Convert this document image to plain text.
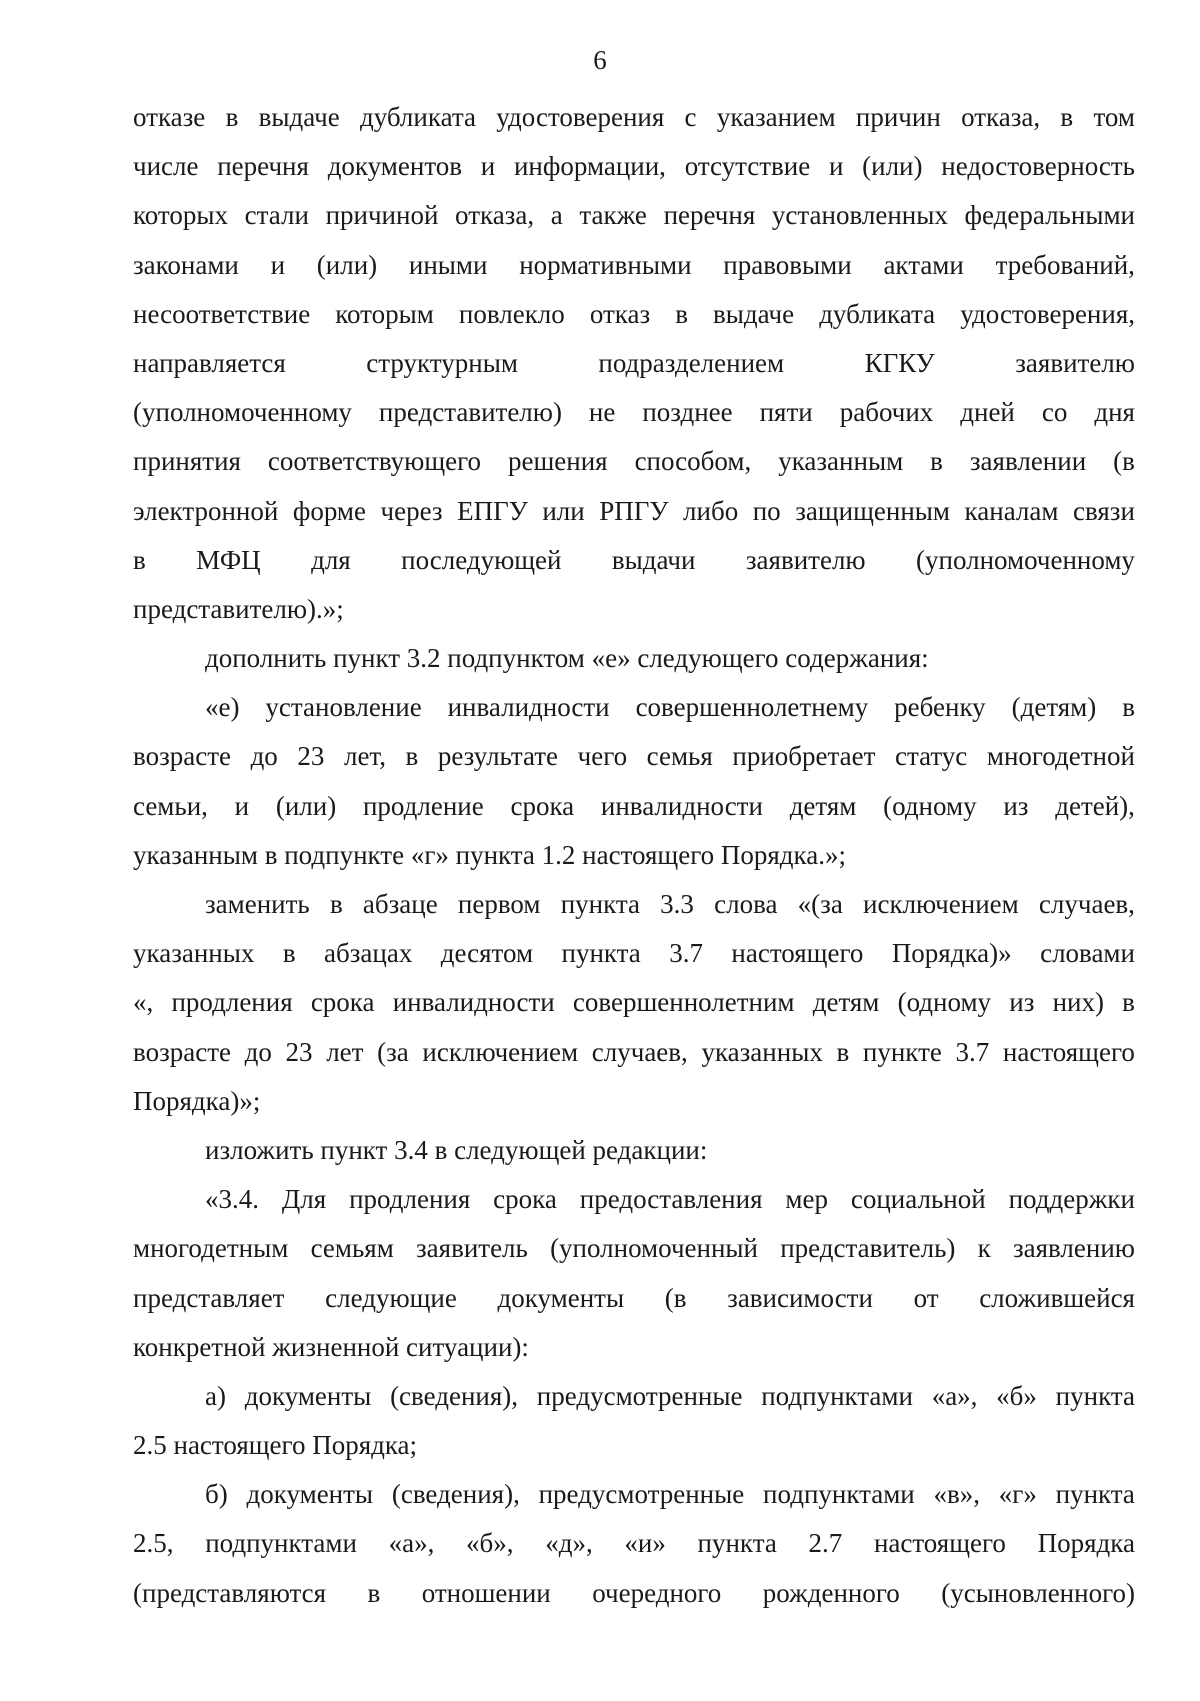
6
отказе в выдаче дубликата удостоверения с указанием причин отказа, в том
числе перечня документов и информации, отсутствие и (или) недостоверность
которых стали причиной отказа, а также перечня установленных федеральными
законами и (или) иными нормативными правовыми актами требований,
несоответствие которым повлекло отказ в выдаче дубликата удостоверения,
направляется	структурным	подразделением	КГКУ	заявителю
(уполномоченному представителю) не позднее пяти рабочих дней со дня
принятия соответствующего решения способом, указанным в заявлении (в
электронной форме через ЕПГУ или РПГУ либо по защищенным каналам связи
в МФЦ для последующей выдачи заявителю (уполномоченному
представителю).»;
дополнить пункт 3.2 подпунктом «е» следующего содержания:
«е) установление инвалидности совершеннолетнему ребенку (детям) в
возрасте до 23 лет, в результате чего семья приобретает статус многодетной
семьи, и (или) продление срока инвалидности детям (одному из детей),
указанным в подпункте «г» пункта 1.2 настоящего Порядка.»;
заменить в абзаце первом пункта 3.3 слова «(за исключением случаев,
указанных в абзацах десятом пункта 3.7 настоящего Порядка)» словами
«, продления срока инвалидности совершеннолетним детям (одному из них) в
возрасте до 23 лет (за исключением случаев, указанных в пункте 3.7 настоящего
Порядка)»;
изложить пункт 3.4 в следующей редакции:
«3.4. Для продления срока предоставления мер социальной поддержки
многодетным семьям заявитель (уполномоченный представитель) к заявлению
представляет следующие документы (в зависимости от сложившейся
конкретной жизненной ситуации):
а) документы (сведения), предусмотренные подпунктами «а», «б» пункта
2.5 настоящего Порядка;
б) документы (сведения), предусмотренные подпунктами «в», «г» пункта
2.5, подпунктами «а», «б», «д», «и» пункта 2.7 настоящего Порядка
(представляются в отношении очередного рожденного (усыновленного)
